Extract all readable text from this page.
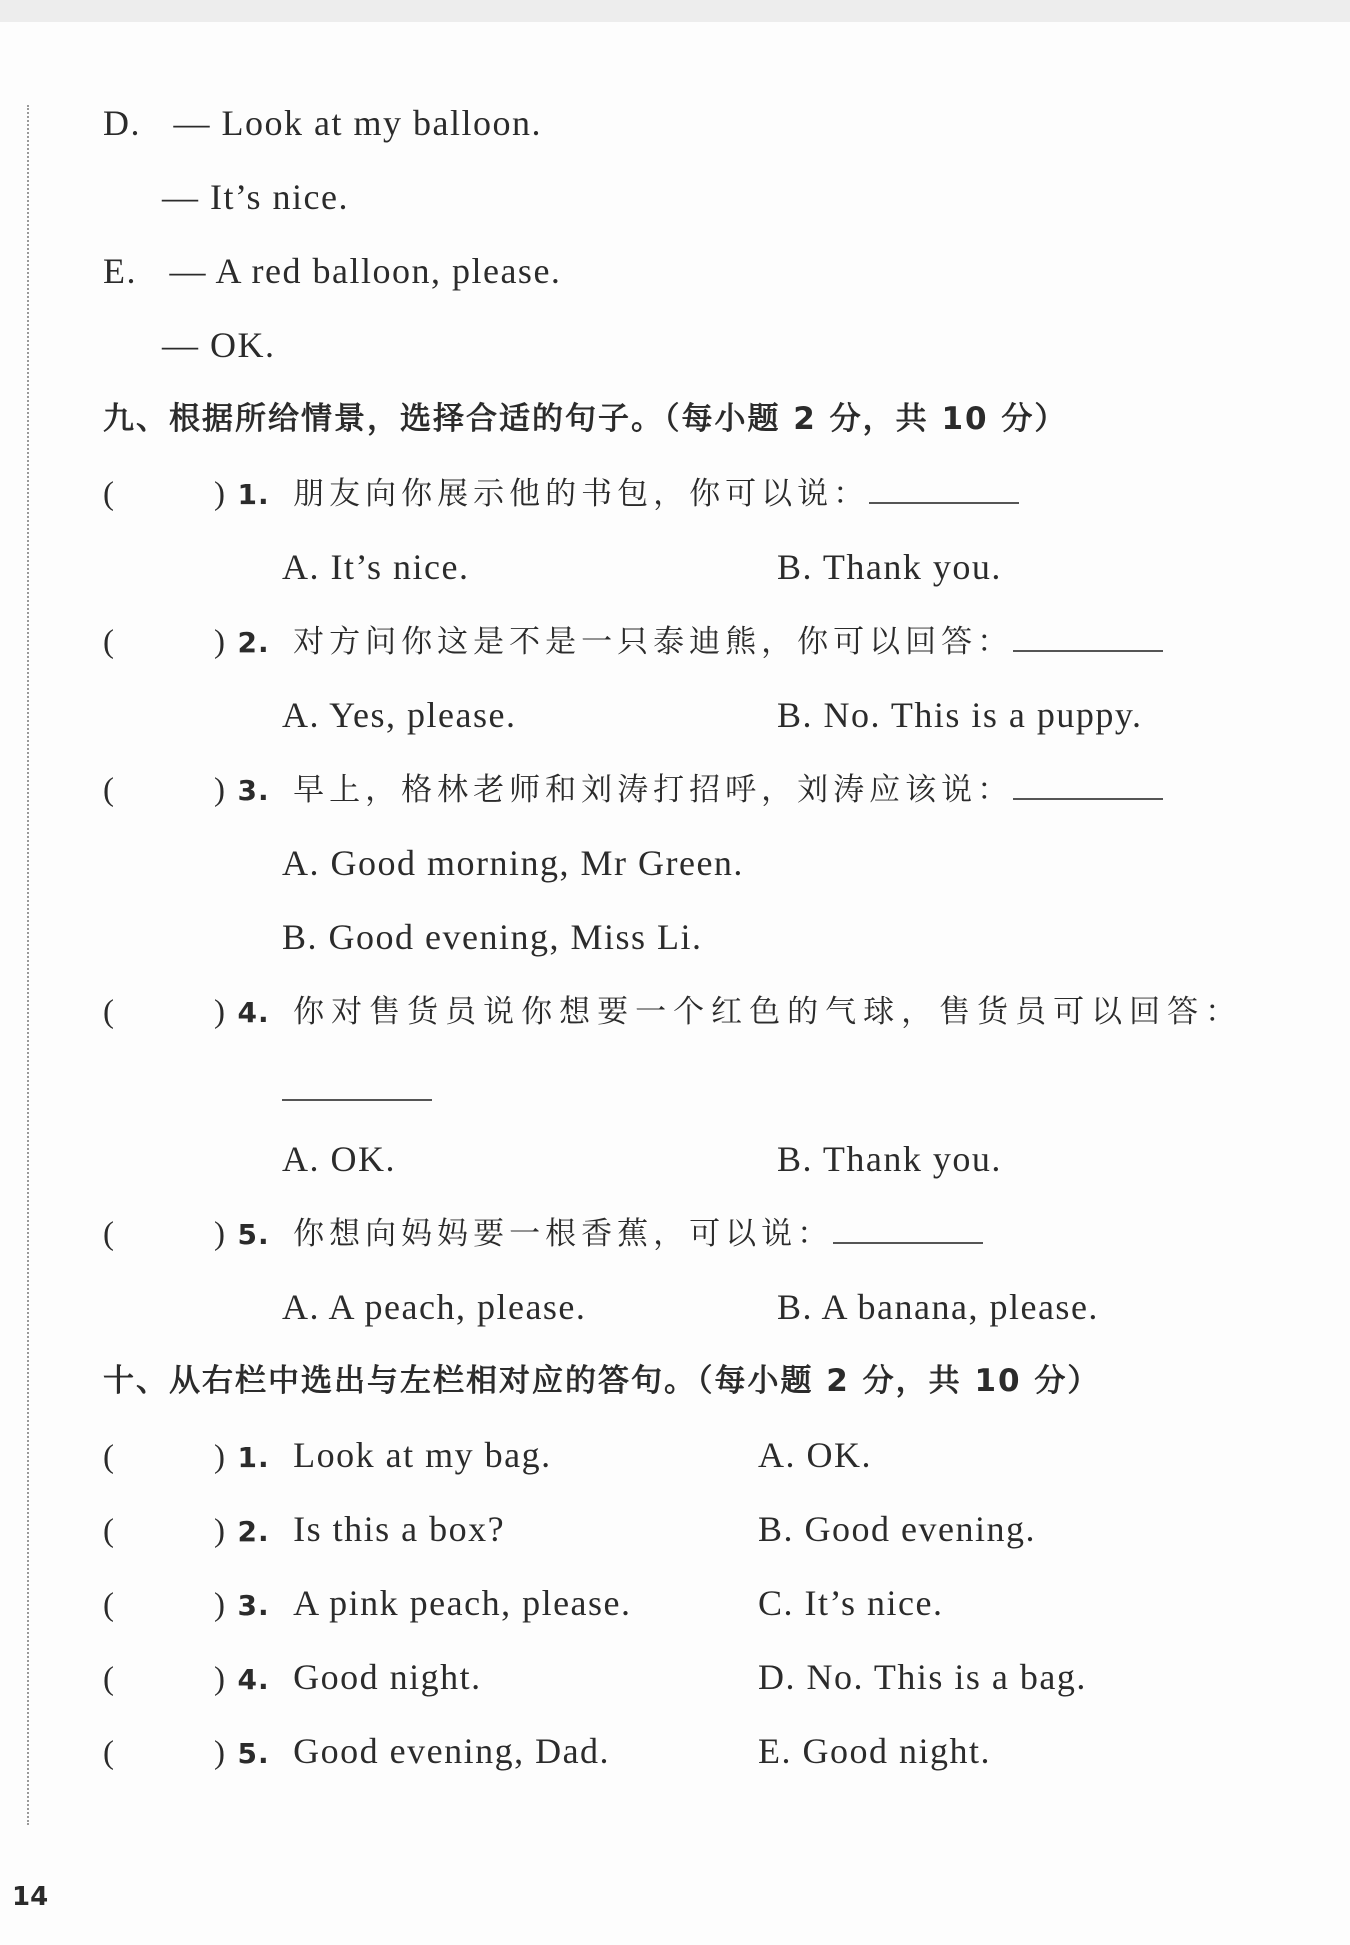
D. — Look at my balloon.
— It’s nice.
E. — A red balloon, please.
— OK.
九、根据所给情景，选择合适的句子。（每小题 2 分，共 10 分）
(	) 1. 朋友向你展示他的书包，你可以说：
A. It’s nice.	B. Thank you.
(	) 2. 对方问你这是不是一只泰迪熊，你可以回答：
A. Yes, please.	B. No. This is a puppy.
(	) 3. 早上，格林老师和刘涛打招呼，刘涛应该说：
A. Good morning, Mr Green.
B. Good evening, Miss Li.
(	) 4. 你对售货员说你想要一个红色的气球，售货员可以回答：
A. OK.	B. Thank you.
(	) 5. 你想向妈妈要一根香蕉，可以说：
A. A peach, please.	B. A banana, please.
十、从右栏中选出与左栏相对应的答句。（每小题 2 分，共 10 分）
(	) 1. Look at my bag.	A. OK.
(	) 2. Is this a box?	B. Good evening.
(	) 3. A pink peach, please.	C. It’s nice.
(	) 4. Good night.	D. No. This is a bag.
(	) 5. Good evening, Dad.	E. Good night.
14
